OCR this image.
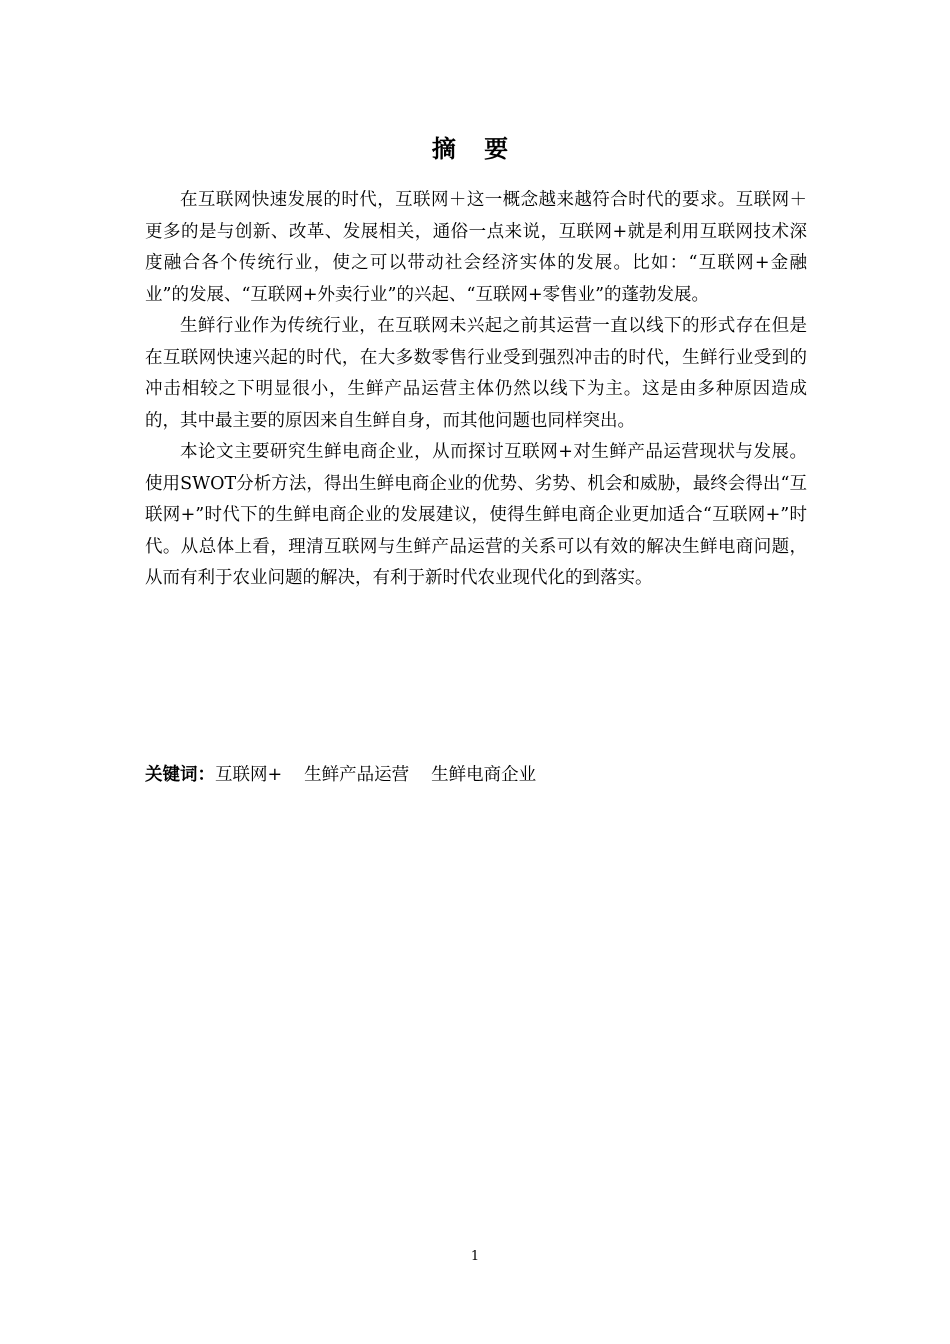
摘 要

在互联网快速发展的时代，互联网＋这一概念越来越符合时代的要求。互联网＋更多的是与创新、改革、发展相关，通俗一点来说，互联网+就是利用互联网技术深度融合各个传统行业，使之可以带动社会经济实体的发展。比如：“互联网+金融业”的发展、“互联网+外卖行业”的兴起、“互联网+零售业”的蓬勃发展。

生鲜行业作为传统行业，在互联网未兴起之前其运营一直以线下的形式存在但是在互联网快速兴起的时代，在大多数零售行业受到强烈冲击的时代，生鲜行业受到的冲击相较之下明显很小，生鲜产品运营主体仍然以线下为主。这是由多种原因造成的，其中最主要的原因来自生鲜自身，而其他问题也同样突出。

本论文主要研究生鲜电商企业，从而探讨互联网+对生鲜产品运营现状与发展。使用SWOT分析方法，得出生鲜电商企业的优势、劣势、机会和威胁，最终会得出“互联网+”时代下的生鲜电商企业的发展建议，使得生鲜电商企业更加适合“互联网+”时代。从总体上看，理清互联网与生鲜产品运营的关系可以有效的解决生鲜电商问题，从而有利于农业问题的解决，有利于新时代农业现代化的到落实。

关键词：互联网+ 生鲜产品运营 生鲜电商企业
1
